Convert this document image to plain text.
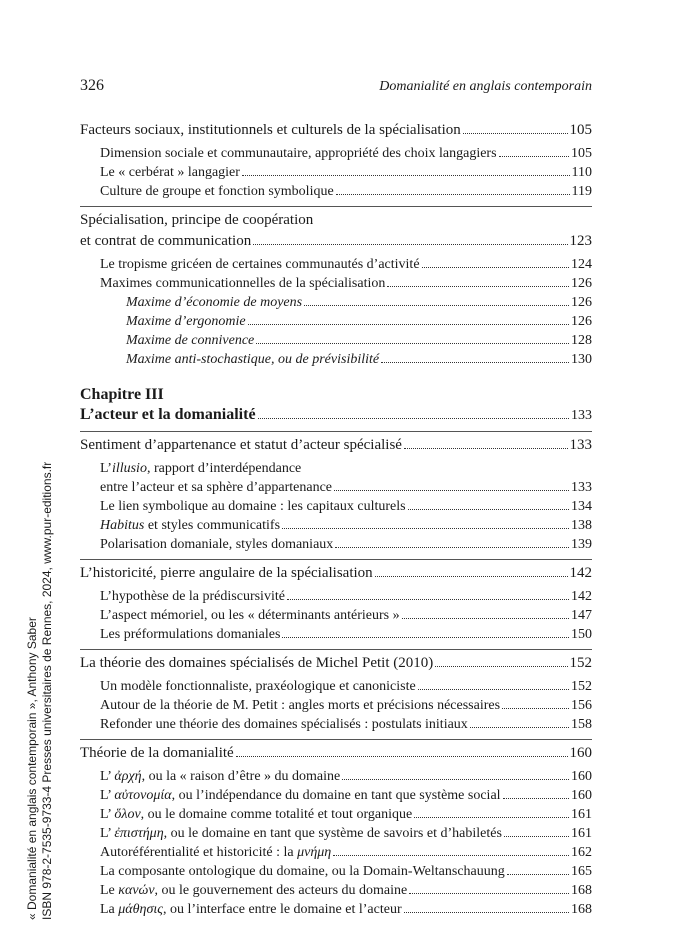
326	Domanialité en anglais contemporain
Facteurs sociaux, institutionnels et culturels de la spécialisation	105
Dimension sociale et communautaire, appropriété des choix langagiers	105
Le « cerbérat » langagier	110
Culture de groupe et fonction symbolique	119
Spécialisation, principe de coopération
et contrat de communication	123
Le tropisme gricéen de certaines communautés d’activité	124
Maximes communicationnelles de la spécialisation	126
Maxime d’économie de moyens	126
Maxime d’ergonomie	126
Maxime de connivence	128
Maxime anti-stochastique, ou de prévisibilité	130
Chapitre III
L’acteur et la domanialité	133
Sentiment d’appartenance et statut d’acteur spécialisé	133
L’illusio, rapport d’interdépendance
entre l’acteur et sa sphère d’appartenance	133
Le lien symbolique au domaine : les capitaux culturels	134
Habitus et styles communicatifs	138
Polarisation domaniale, styles domaniaux	139
L’historicité, pierre angulaire de la spécialisation	142
L’hypothèse de la prédiscursivité	142
L’aspect mémoriel, ou les « déterminants antérieurs »	147
Les préformulations domaniales	150
La théorie des domaines spécialisés de Michel Petit (2010)	152
Un modèle fonctionnaliste, praxéologique et canoniciste	152
Autour de la théorie de M. Petit : angles morts et précisions nécessaires	156
Refonder une théorie des domaines spécialisés : postulats initiaux	158
Théorie de la domanialité	160
L’ ἀρχή, ou la « raison d’être » du domaine	160
L’ αὐτονομία, ou l’indépendance du domaine en tant que système social	160
L’ ὅλον, ou le domaine comme totalité et tout organique	161
L’ ἐπιστήμη, ou le domaine en tant que système de savoirs et d’habiletés	161
Autoréférentialité et historicité : la μνήμη	162
La composante ontologique du domaine, ou la Domain-Weltanschauung	165
Le κανών, ou le gouvernement des acteurs du domaine	168
La μάθησις, ou l’interface entre le domaine et l’acteur	168
« Domanialité en anglais contemporain », Anthony Saber ISBN 978-2-7535-9733-4 Presses universitaires de Rennes, 2024, www.pur-editions.fr
